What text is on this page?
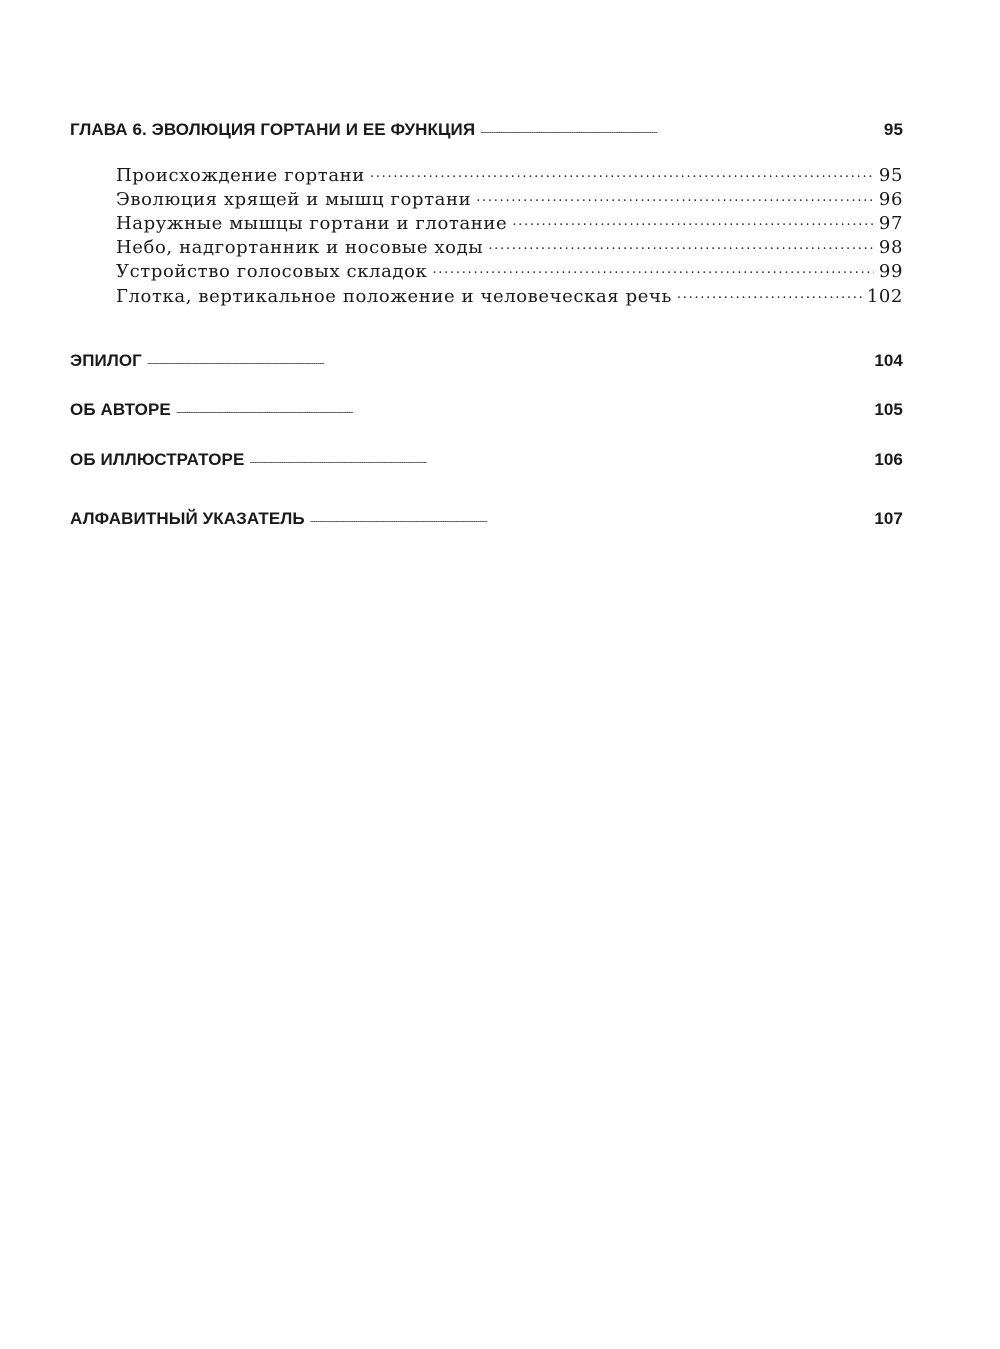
ГЛАВА 6. ЭВОЛЮЦИЯ ГОРТАНИ И ЕЕ ФУНКЦИЯ . . .	95
Происхождение гортани . . .	95
Эволюция хрящей и мышц гортани . . .	96
Наружные мышцы гортани и глотание . . .	97
Небо, надгортанник и носовые ходы . . .	98
Устройство голосовых складок . . .	99
Глотка, вертикальное положение и человеческая речь . . .	102
ЭПИЛОГ . . .	104
ОБ АВТОРЕ . . .	105
ОБ ИЛЛЮСТРАТОРЕ . . .	106
АЛФАВИТНЫЙ УКАЗАТЕЛЬ . . .	107
